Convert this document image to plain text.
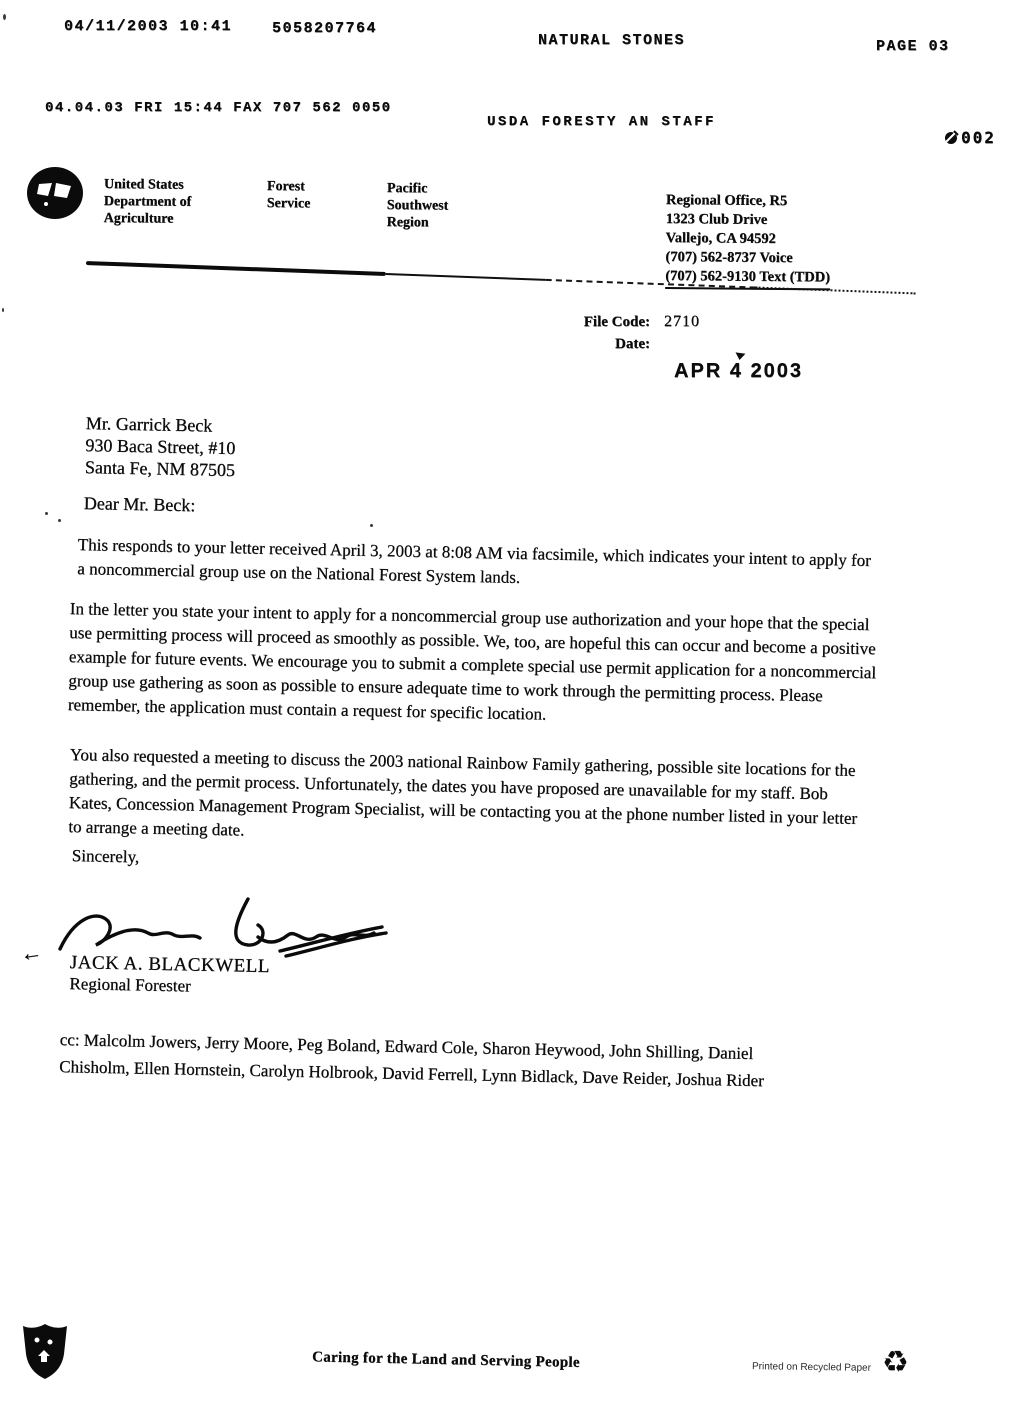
04/11/2003 10:41	5058207764
NATURAL STONES	PAGE 03
04.04.03 FRI 15:44 FAX 707 562 0050
USDA FORESTY AN STAFF
002
United States
Department of
Agriculture
Forest
Service
Pacific
Southwest
Region
Regional Office, R5
1323 Club Drive
Vallejo, CA 94592
(707) 562-8737 Voice
(707) 562-9130 Text (TDD)
File Code: 2710
Date:
APR 4 2003
Mr. Garrick Beck
930 Baca Street, #10
Santa Fe, NM 87505
Dear Mr. Beck:
This responds to your letter received April 3, 2003 at 8:08 AM via facsimile, which indicates your intent to apply for a noncommercial group use on the National Forest System lands.
In the letter you state your intent to apply for a noncommercial group use authorization and your hope that the special use permitting process will proceed as smoothly as possible. We, too, are hopeful this can occur and become a positive example for future events. We encourage you to submit a complete special use permit application for a noncommercial group use gathering as soon as possible to ensure adequate time to work through the permitting process. Please remember, the application must contain a request for specific location.
You also requested a meeting to discuss the 2003 national Rainbow Family gathering, possible site locations for the gathering, and the permit process. Unfortunately, the dates you have proposed are unavailable for my staff. Bob Kates, Concession Management Program Specialist, will be contacting you at the phone number listed in your letter to arrange a meeting date.
Sincerely,
← JACK A. BLACKWELL
Regional Forester
cc: Malcolm Jowers, Jerry Moore, Peg Boland, Edward Cole, Sharon Heywood, John Shilling, Daniel Chisholm, Ellen Hornstein, Carolyn Holbrook, David Ferrell, Lynn Bidlack, Dave Reider, Joshua Rider
Caring for the Land and Serving People	Printed on Recycled Paper ♻
